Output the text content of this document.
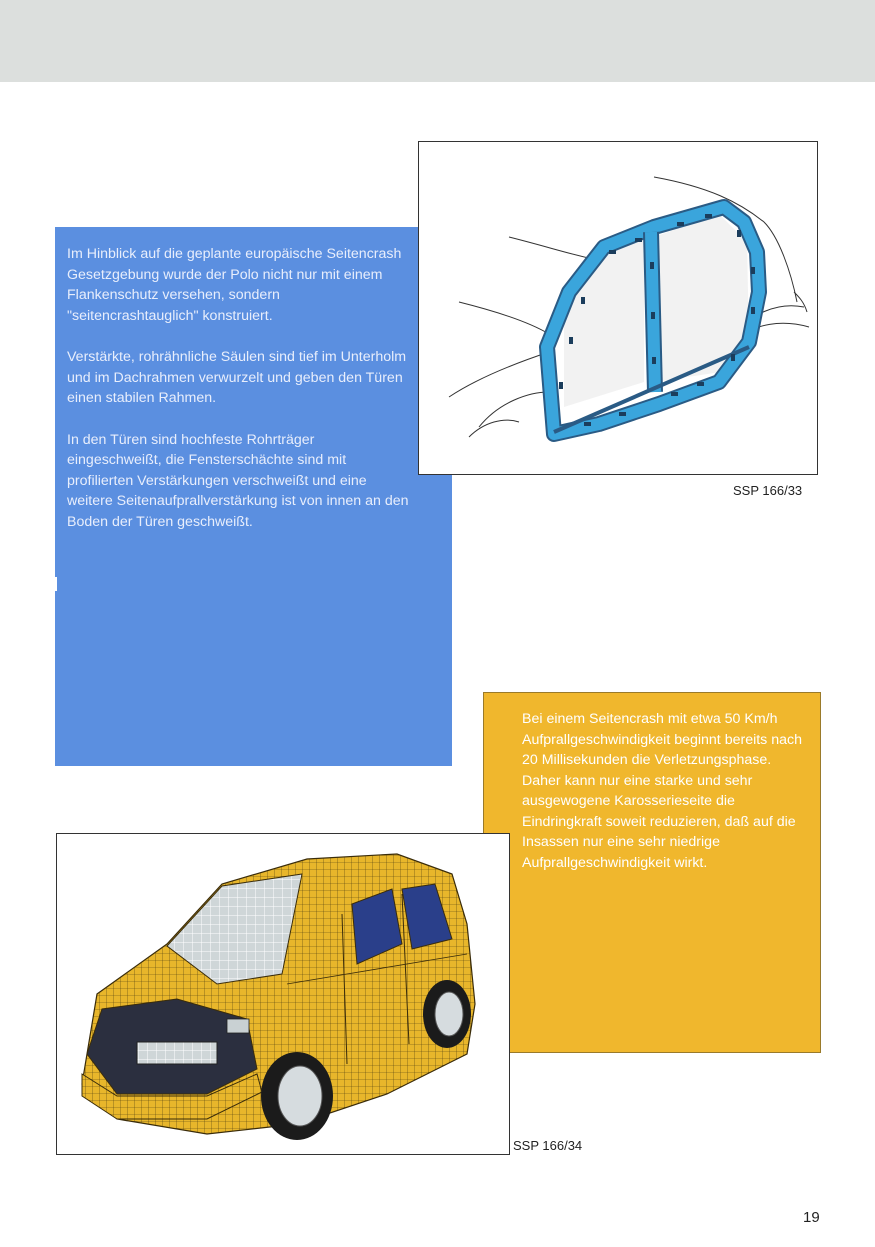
Im Hinblick auf die geplante europäische Seitencrash Gesetzgebung wurde der Polo nicht nur mit einem Flankenschutz versehen, sondern "seitencrashtauglich" konstruiert.

Verstärkte, rohrähnliche Säulen sind tief im Unterholm und im Dachrahmen verwurzelt und geben den Türen einen stabilen Rahmen.

In den Türen sind hochfeste Rohrträger eingeschweißt, die Fensterschächte sind mit profilierten Verstärkungen verschweißt und eine weitere Seitenaufprallverstärkung ist von innen an den Boden der Türen geschweißt.

SSP 166/33

Bei einem Seitencrash mit etwa 50 Km/h Aufprallgeschwindigkeit beginnt bereits nach 20 Millisekunden die Verletzungsphase. Daher kann nur eine starke und sehr ausgewogene Karosserieseite die Eindringkraft soweit reduzieren, daß auf die Insassen nur eine sehr niedrige Aufprallgeschwindigkeit wirkt.

SSP 166/34
19
